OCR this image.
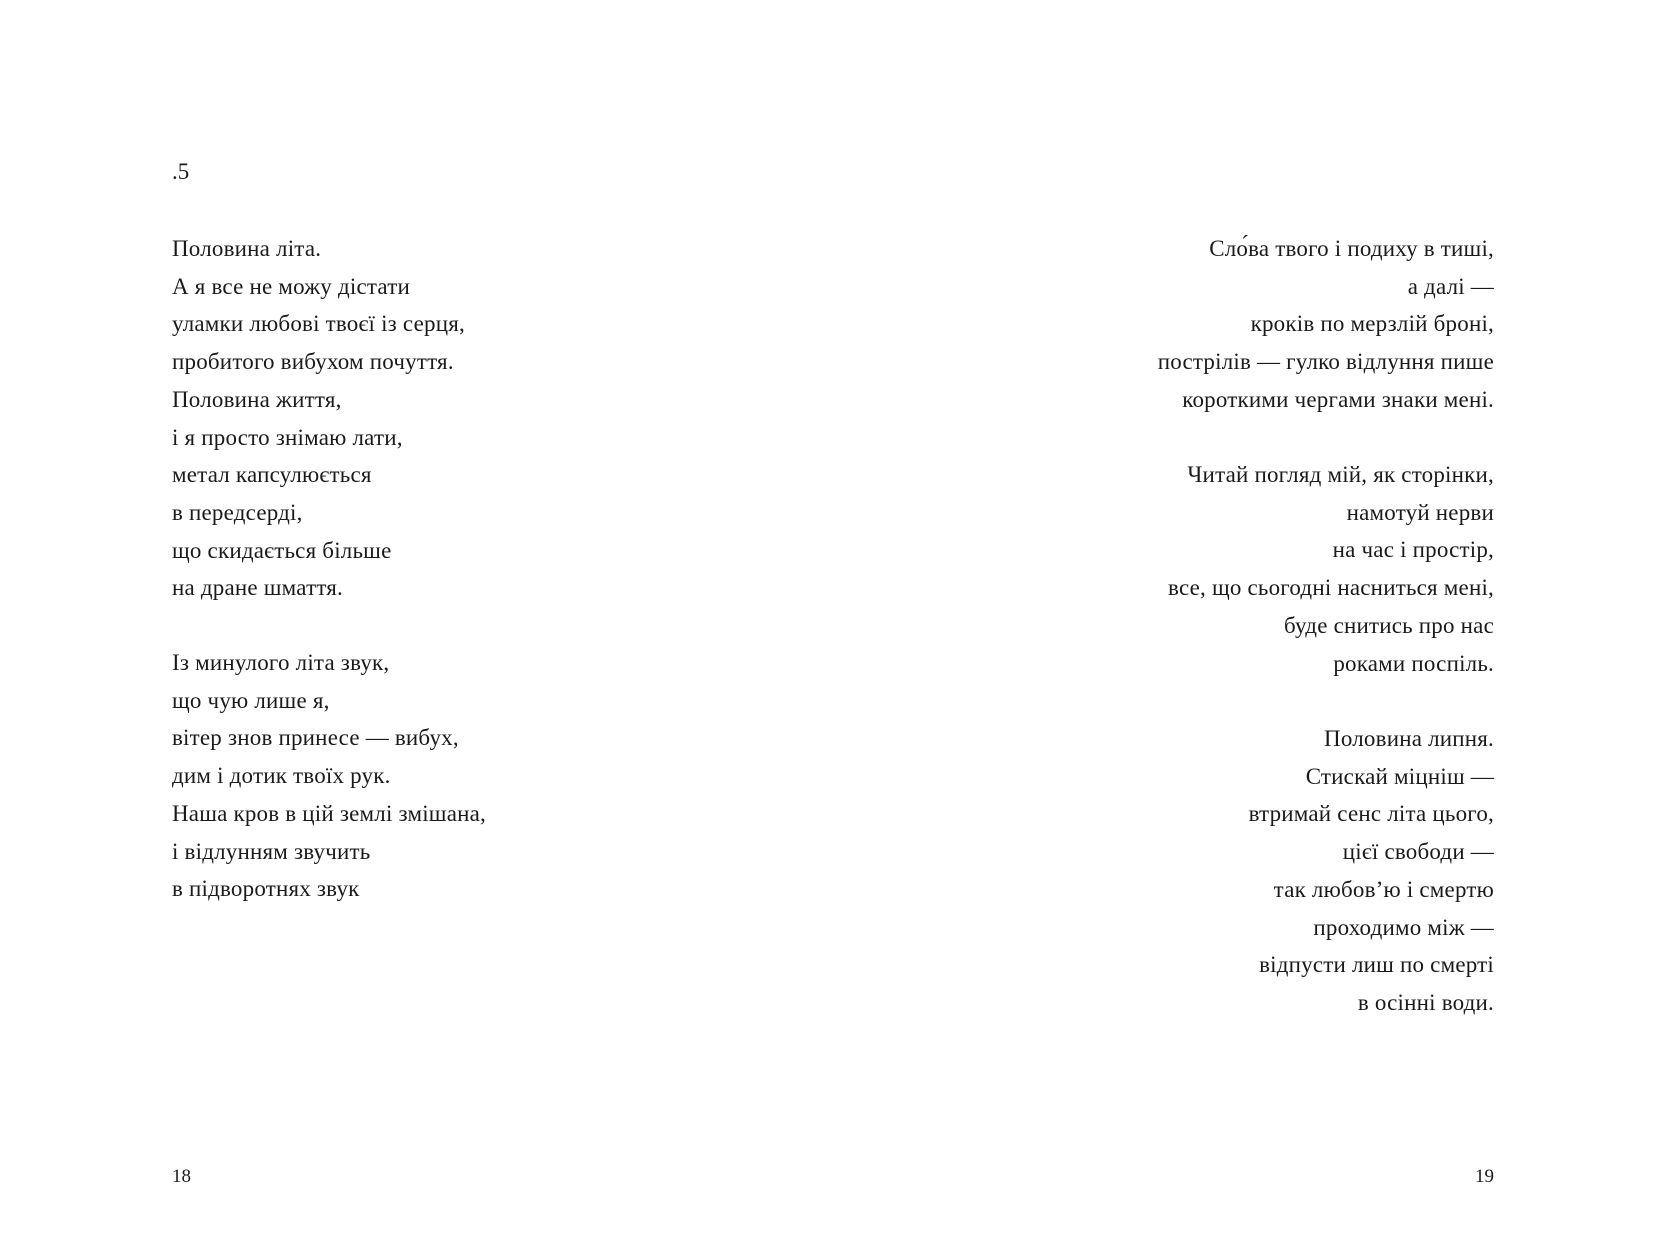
.5
Половина літа.
А я все не можу дістати
уламки любові твоєї із серця,
пробитого вибухом почуття.
Половина життя,
і я просто знімаю лати,
метал капсулюється
в передсерді,
що скидається більше
на дране шмаття.
Із минулого літа звук,
що чую лише я,
вітер знов принесе — вибух,
дим і дотик твоїх рук.
Наша кров в цій землі змішана,
і відлунням звучить
в підворотнях звук
18
Сло́ва твого і подиху в тиші,
а далі —
кроків по мерзлій броні,
пострілів — гулко відлуння пише
короткими чергами знаки мені.
Читай погляд мій, як сторінки,
намотуй нерви
на час і простір,
все, що сьогодні насниться мені,
буде снитись про нас
роками поспіль.
Половина липня.
Стискай міцніш —
втримай сенс літа цього,
цієї свободи —
так любов’ю і смертю
проходимо між —
відпусти лиш по смерті
в осінні води.
19
